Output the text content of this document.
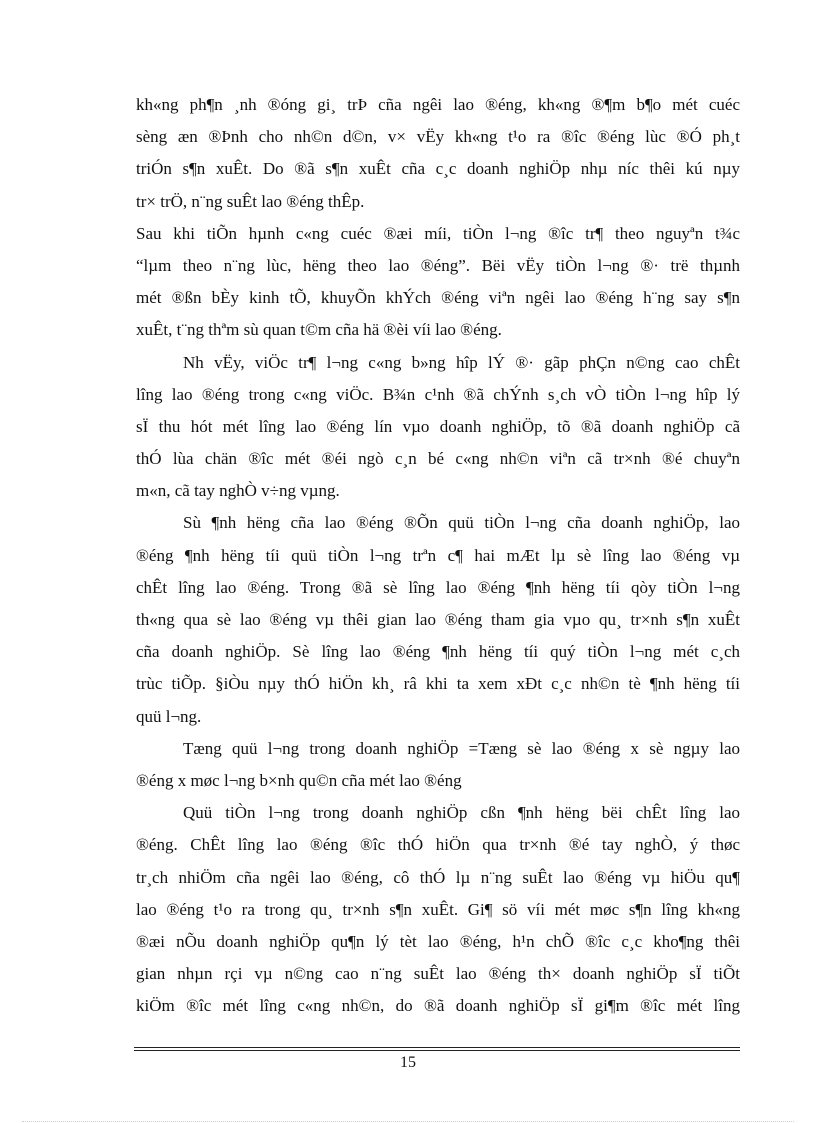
kh«ng ph¶n ¸nh ®óng gi¸ trÞ cña ngêi lao ®éng, kh«ng ®¶m b¶o mét cuéc
sèng æn ®Þnh cho nh©n d©n, v× vËy kh«ng t¹o ra ®îc ®éng lùc ®Ó ph¸t
triÓn s¶n xuÊt. Do ®ã s¶n xuÊt cña c¸c doanh nghiÖp nhµ níc thêi kú nµy
tr× trÖ, n¨ng suÊt lao ®éng thÊp.
Sau khi tiÕn hµnh c«ng cuéc ®æi míi, tiÒn l¬ng ®îc tr¶ theo nguyªn t¾c
“lµm theo n¨ng lùc, hëng theo lao ®éng”. Bëi vËy tiÒn l¬ng ®· trë thµnh
mét ®ßn bÈy kinh tÕ, khuyÕn khÝch ®éng viªn ngêi lao ®éng h¨ng say s¶n
xuÊt, t¨ng thªm sù quan t©m cña hä ®èi víi lao ®éng.
Nh vËy, viÖc tr¶ l¬ng c«ng b»ng hîp lÝ ®· gãp phÇn n©ng cao chÊt
lîng lao ®éng trong c«ng viÖc. B¾n c¹nh ®ã chÝnh s¸ch vÒ tiÒn l¬ng hîp lý
sÏ thu hót mét lîng lao ®éng lín vµo doanh nghiÖp, tõ ®ã doanh nghiÖp cã
thÓ lùa chän ®îc mét ®éi ngò c¸n bé c«ng nh©n viªn cã tr×nh ®é chuyªn
m«n, cã tay nghÒ v÷ng vµng.
Sù ¶nh hëng cña lao ®éng ®Õn quü tiÒn l¬ng cña doanh nghiÖp, lao
®éng ¶nh hëng tíi quü tiÒn l¬ng trªn c¶ hai mÆt lµ sè lîng lao ®éng vµ
chÊt lîng lao ®éng. Trong ®ã sè lîng lao ®éng ¶nh hëng tíi qòy tiÒn l¬ng
th«ng qua sè lao ®éng vµ thêi gian lao ®éng tham gia vµo qu¸ tr×nh s¶n xuÊt
cña doanh nghiÖp. Sè lîng lao ®éng ¶nh hëng tíi quý tiÒn l¬ng mét c¸ch
trùc tiÕp. §iÒu nµy thÓ hiÖn kh¸ râ khi ta xem xÐt c¸c nh©n tè ¶nh hëng tíi
quü l¬ng.
Tæng quü l¬ng trong doanh nghiÖp =Tæng sè lao ®éng x sè ngµy lao
®éng x møc l¬ng b×nh qu©n cña mét lao ®éng
Quü tiÒn l¬ng trong doanh nghiÖp cßn ¶nh hëng bëi chÊt lîng lao
®éng. ChÊt lîng lao ®éng ®îc thÓ hiÖn qua tr×nh ®é tay nghÒ, ý thøc
tr¸ch nhiÖm cña ngêi lao ®éng, cô thÓ lµ n¨ng suÊt lao ®éng vµ hiÖu qu¶
lao ®éng t¹o ra trong qu¸ tr×nh s¶n xuÊt. Gi¶ sö víi mét møc s¶n lîng kh«ng
®æi nÕu doanh nghiÖp qu¶n lý tèt lao ®éng, h¹n chÕ ®îc c¸c kho¶ng thêi
gian nhµn rçi vµ n©ng cao n¨ng suÊt lao ®éng th× doanh nghiÖp sÏ tiÕt
kiÖm ®îc mét lîng c«ng nh©n, do ®ã doanh nghiÖp sÏ gi¶m ®îc mét lîng
15
